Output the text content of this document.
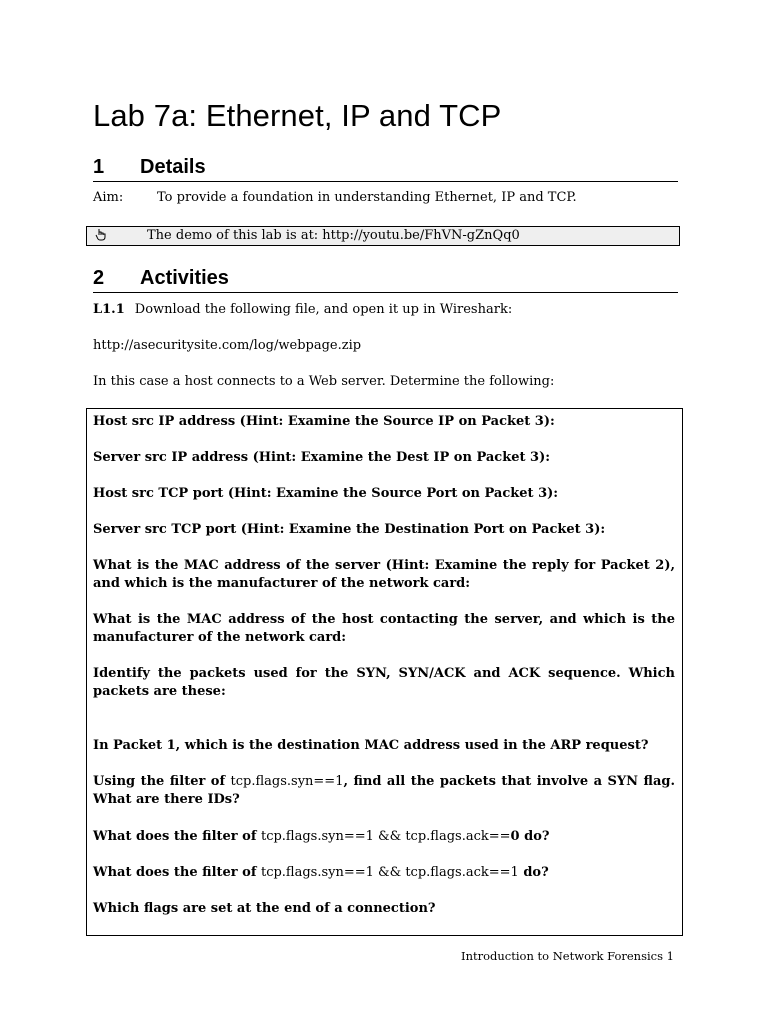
Lab 7a: Ethernet, IP and TCP
1 Details
Aim:	To provide a foundation in understanding Ethernet, IP and TCP.
The demo of this lab is at: http://youtu.be/FhVN-gZnQq0
2 Activities
L1.1 Download the following file, and open it up in Wireshark:
http://asecuritysite.com/log/webpage.zip
In this case a host connects to a Web server. Determine the following:

Host src IP address (Hint: Examine the Source IP on Packet 3):

Server src IP address (Hint: Examine the Dest IP on Packet 3):

Host src TCP port (Hint: Examine the Source Port on Packet 3):

Server src TCP port (Hint: Examine the Destination Port on Packet 3):

What is the MAC address of the server (Hint: Examine the reply for Packet 2), and which is the manufacturer of the network card:

What is the MAC address of the host contacting the server, and which is the manufacturer of the network card:

Identify the packets used for the SYN, SYN/ACK and ACK sequence. Which packets are these:

In Packet 1, which is the destination MAC address used in the ARP request?

Using the filter of tcp.flags.syn==1, find all the packets that involve a SYN flag. What are there IDs?

What does the filter of tcp.flags.syn==1 && tcp.flags.ack==0 do?

What does the filter of tcp.flags.syn==1 && tcp.flags.ack==1 do?

Which flags are set at the end of a connection?

Introduction to Network Forensics 1
